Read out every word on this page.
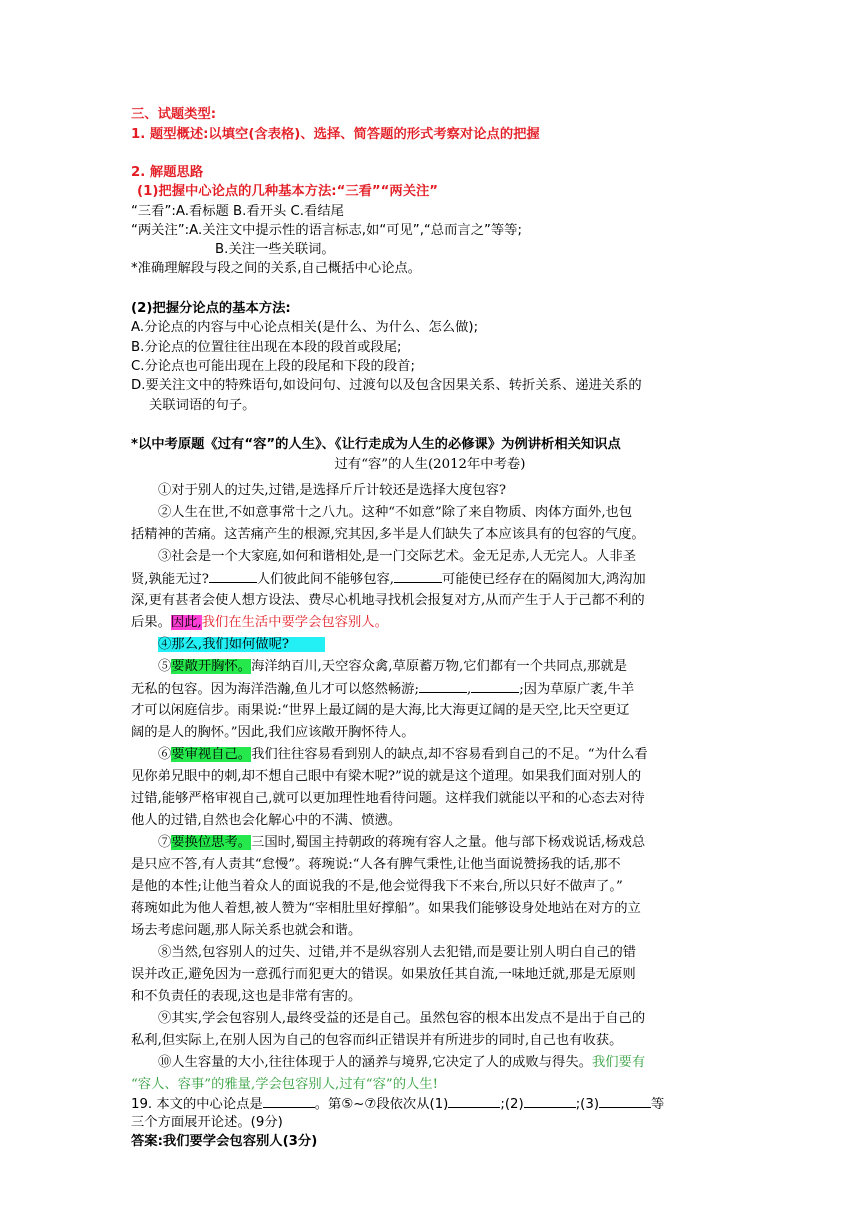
三、试题类型:
1. 题型概述:以填空(含表格)、选择、简答题的形式考察对论点的把握
2. 解题思路
(1)把握中心论点的几种基本方法:“三看”“两关注”
“三看”:A.看标题 B.看开头 C.看结尾
“两关注”:A.关注文中提示性的语言标志,如“可见”,“总而言之”等等;
B.关注一些关联词。
*准确理解段与段之间的关系,自己概括中心论点。
(2)把握分论点的基本方法:
A.分论点的内容与中心论点相关(是什么、为什么、怎么做);
B.分论点的位置往往出现在本段的段首或段尾;
C.分论点也可能出现在上段的段尾和下段的段首;
D.要关注文中的特殊语句,如设问句、过渡句以及包含因果关系、转折关系、递进关系的
关联词语的句子。
*以中考原题《过有“容”的人生》、《让行走成为人生的必修课》为例讲析相关知识点
过有“容”的人生(2012年中考卷)
①对于别人的过失,过错,是选择斤斤计较还是选择大度包容?
②人生在世,不如意事常十之八九。这种“不如意”除了来自物质、肉体方面外,也包
括精神的苦痛。这苦痛产生的根源,究其因,多半是人们缺失了本应该具有的包容的气度。
③社会是一个大家庭,如何和谐相处,是一门交际艺术。金无足赤,人无完人。人非圣
贤,孰能无过?	人们彼此间不能够包容,	可能使已经存在的隔阂加大,鸿沟加
深,更有甚者会使人想方设法、费尽心机地寻找机会报复对方,从而产生于人于己都不利的
后果。因此,我们在生活中要学会包容别人。
④那么,我们如何做呢?
⑤要敞开胸怀。海洋纳百川,天空容众禽,草原蓄万物,它们都有一个共同点,那就是
无私的包容。因为海洋浩瀚,鱼儿才可以悠然畅游;	,	;因为草原广袤,牛羊
才可以闲庭信步。雨果说:“世界上最辽阔的是大海,比大海更辽阔的是天空,比天空更辽
阔的是人的胸怀。”因此,我们应该敞开胸怀待人。
⑥要审视自己。我们往往容易看到别人的缺点,却不容易看到自己的不足。“为什么看
见你弟兄眼中的刺,却不想自己眼中有梁木呢?”说的就是这个道理。如果我们面对别人的
过错,能够严格审视自己,就可以更加理性地看待问题。这样我们就能以平和的心态去对待
他人的过错,自然也会化解心中的不满、愤懑。
⑦要换位思考。三国时,蜀国主持朝政的蒋琬有容人之量。他与部下杨戏说话,杨戏总
是只应不答,有人责其“怠慢”。蒋琬说:“人各有脾气秉性,让他当面说赞扬我的话,那不
是他的本性;让他当着众人的面说我的不是,他会觉得我下不来台,所以只好不做声了。”
蒋琬如此为他人着想,被人赞为“宰相肚里好撑船”。如果我们能够设身处地站在对方的立
场去考虑问题,那人际关系也就会和谐。
⑧当然,包容别人的过失、过错,并不是纵容别人去犯错,而是要让别人明白自己的错
误并改正,避免因为一意孤行而犯更大的错误。如果放任其自流,一味地迁就,那是无原则
和不负责任的表现,这也是非常有害的。
⑨其实,学会包容别人,最终受益的还是自己。虽然包容的根本出发点不是出于自己的
私利,但实际上,在别人因为自己的包容而纠正错误并有所进步的同时,自己也有收获。
⑩人生容量的大小,往往体现于人的涵养与境界,它决定了人的成败与得失。我们要有
“容人、容事”的雅量,学会包容别人,过有“容”的人生!
19. 本文的中心论点是	。第⑤~⑦段依次从(1)	;(2)	;(3)	等
三个方面展开论述。(9分)
答案:我们要学会包容别人(3分)
